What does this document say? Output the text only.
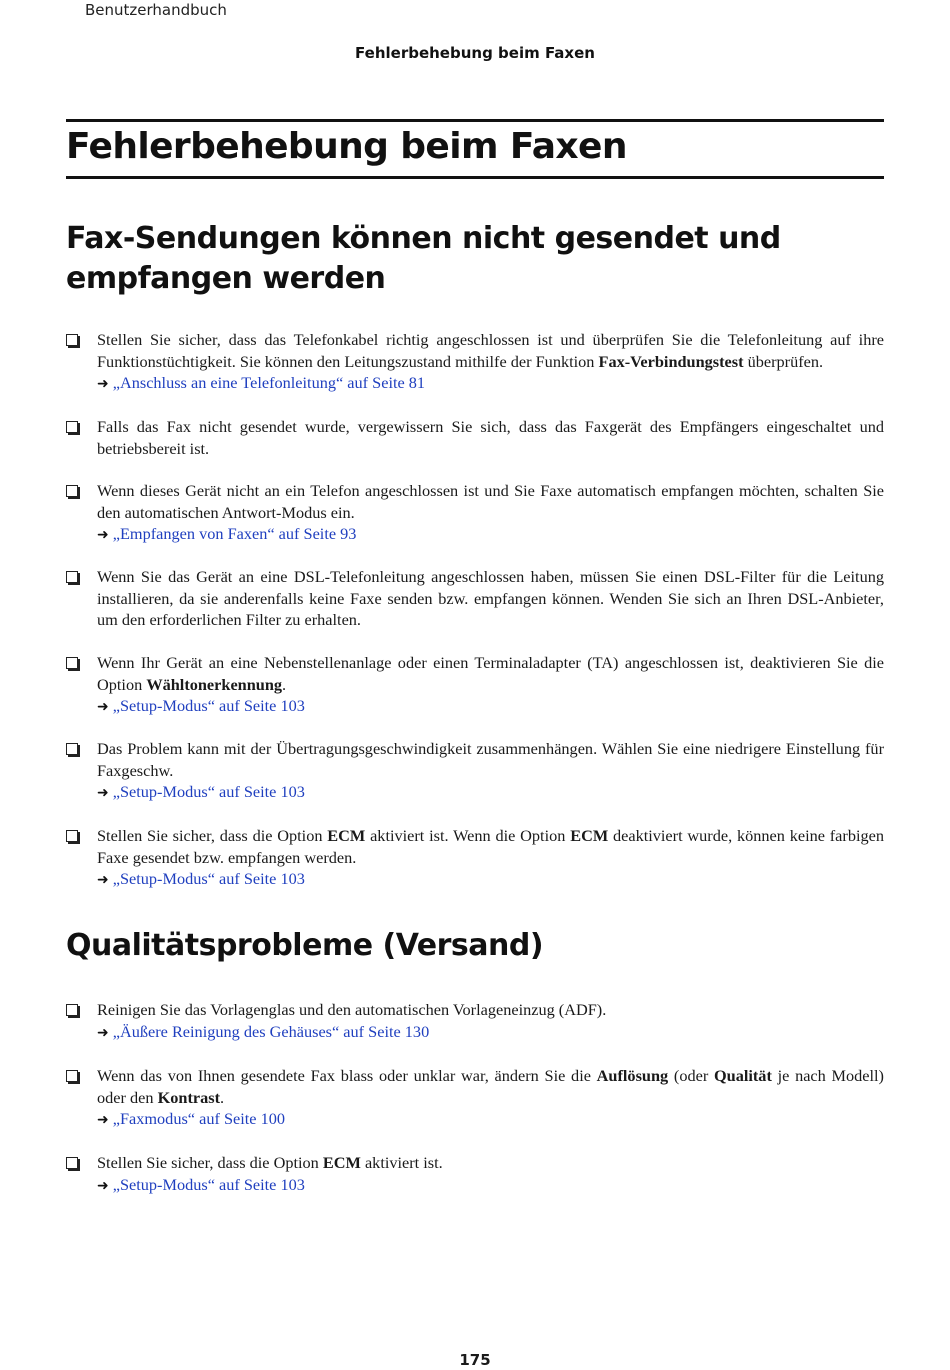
Benutzerhandbuch
Fehlerbehebung beim Faxen
Fehlerbehebung beim Faxen
Fax-Sendungen können nicht gesendet und empfangen werden
Stellen Sie sicher, dass das Telefonkabel richtig angeschlossen ist und überprüfen Sie die Telefonleitung auf ihre Funktionstüchtigkeit. Sie können den Leitungszustand mithilfe der Funktion Fax-Verbindungstest überprüfen.
➜ „Anschluss an eine Telefonleitung“ auf Seite 81
Falls das Fax nicht gesendet wurde, vergewissern Sie sich, dass das Faxgerät des Empfängers eingeschaltet und betriebsbereit ist.
Wenn dieses Gerät nicht an ein Telefon angeschlossen ist und Sie Faxe automatisch empfangen möchten, schalten Sie den automatischen Antwort-Modus ein.
➜ „Empfangen von Faxen“ auf Seite 93
Wenn Sie das Gerät an eine DSL-Telefonleitung angeschlossen haben, müssen Sie einen DSL-Filter für die Leitung installieren, da sie anderenfalls keine Faxe senden bzw. empfangen können. Wenden Sie sich an Ihren DSL-Anbieter, um den erforderlichen Filter zu erhalten.
Wenn Ihr Gerät an eine Nebenstellenanlage oder einen Terminaladapter (TA) angeschlossen ist, deaktivieren Sie die Option Wähltonerkennung.
➜ „Setup-Modus“ auf Seite 103
Das Problem kann mit der Übertragungsgeschwindigkeit zusammenhängen. Wählen Sie eine niedrigere Einstellung für Faxgeschw.
➜ „Setup-Modus“ auf Seite 103
Stellen Sie sicher, dass die Option ECM aktiviert ist. Wenn die Option ECM deaktiviert wurde, können keine farbigen Faxe gesendet bzw. empfangen werden.
➜ „Setup-Modus“ auf Seite 103
Qualitätsprobleme (Versand)
Reinigen Sie das Vorlagenglas und den automatischen Vorlageneinzug (ADF).
➜ „Äußere Reinigung des Gehäuses“ auf Seite 130
Wenn das von Ihnen gesendete Fax blass oder unklar war, ändern Sie die Auflösung (oder Qualität je nach Modell) oder den Kontrast.
➜ „Faxmodus“ auf Seite 100
Stellen Sie sicher, dass die Option ECM aktiviert ist.
➜ „Setup-Modus“ auf Seite 103
175
